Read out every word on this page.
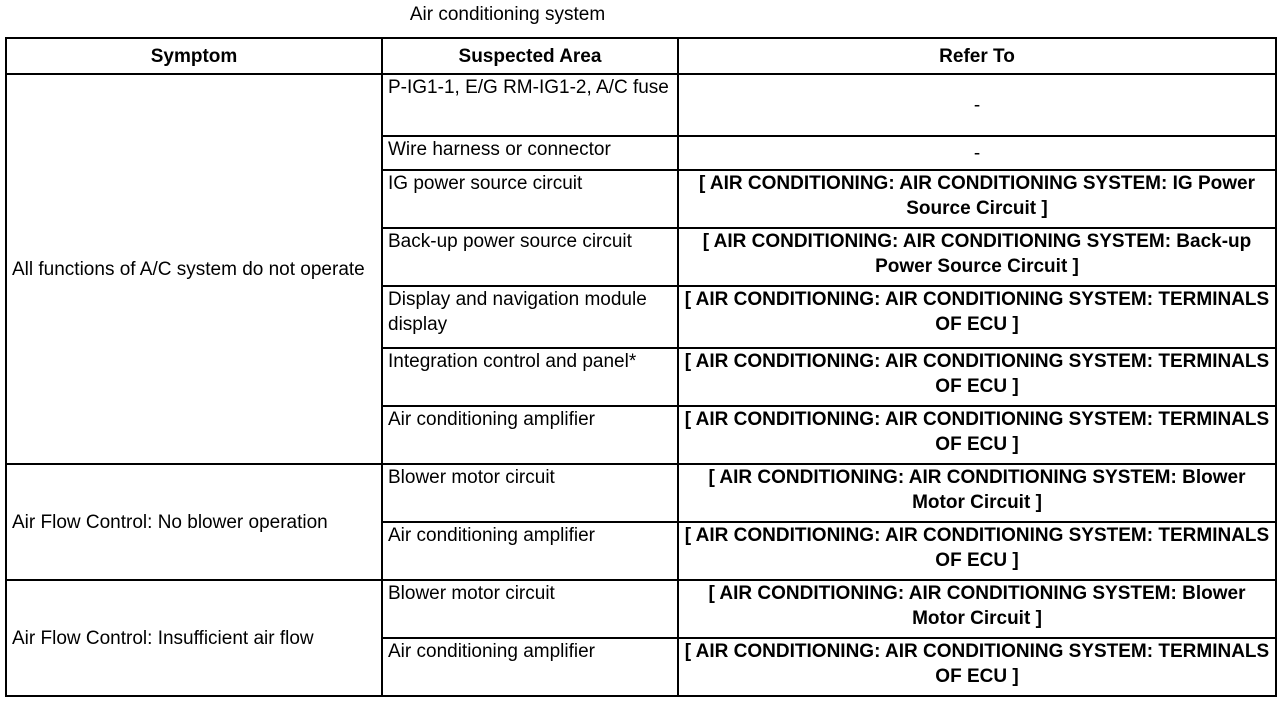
Air conditioning system
Symptom	Suspected Area	Refer To
All functions of A/C system do not operate	P-IG1-1, E/G RM-IG1-2, A/C fuse	-
	Wire harness or connector	-
	IG power source circuit	[ AIR CONDITIONING: AIR CONDITIONING SYSTEM: IG Power Source Circuit ]
	Back-up power source circuit	[ AIR CONDITIONING: AIR CONDITIONING SYSTEM: Back-up Power Source Circuit ]
	Display and navigation module display	[ AIR CONDITIONING: AIR CONDITIONING SYSTEM: TERMINALS OF ECU ]
	Integration control and panel*	[ AIR CONDITIONING: AIR CONDITIONING SYSTEM: TERMINALS OF ECU ]
	Air conditioning amplifier	[ AIR CONDITIONING: AIR CONDITIONING SYSTEM: TERMINALS OF ECU ]
Air Flow Control: No blower operation	Blower motor circuit	[ AIR CONDITIONING: AIR CONDITIONING SYSTEM: Blower Motor Circuit ]
	Air conditioning amplifier	[ AIR CONDITIONING: AIR CONDITIONING SYSTEM: TERMINALS OF ECU ]
Air Flow Control: Insufficient air flow	Blower motor circuit	[ AIR CONDITIONING: AIR CONDITIONING SYSTEM: Blower Motor Circuit ]
	Air conditioning amplifier	[ AIR CONDITIONING: AIR CONDITIONING SYSTEM: TERMINALS OF ECU ]
